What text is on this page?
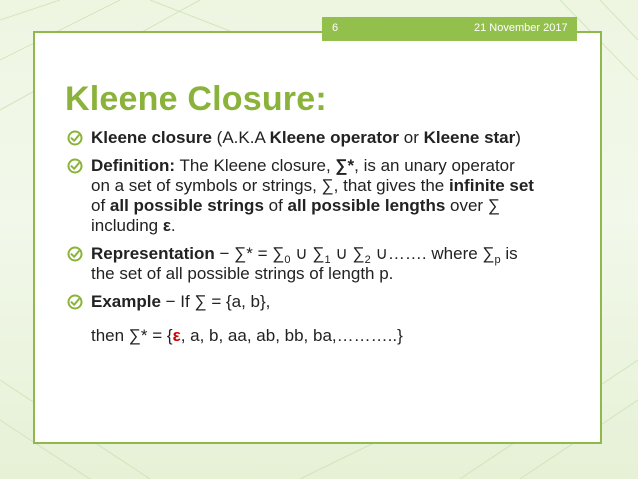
6	21 November 2017
Kleene Closure:
Kleene closure (A.K.A Kleene operator or Kleene star)
Definition: The Kleene closure, ∑*, is an unary operator on a set of symbols or strings, ∑, that gives the infinite set of all possible strings of all possible lengths over ∑ including ε.
Representation − ∑* = $\sum_0$ ∪ $\sum_1$ ∪ $\sum_2$ ∪……. where $\sum_p$ is the set of all possible strings of length p.
Example − If ∑ = {a, b},
then ∑* = {ε, a, b, aa, ab, bb, ba,………..}
